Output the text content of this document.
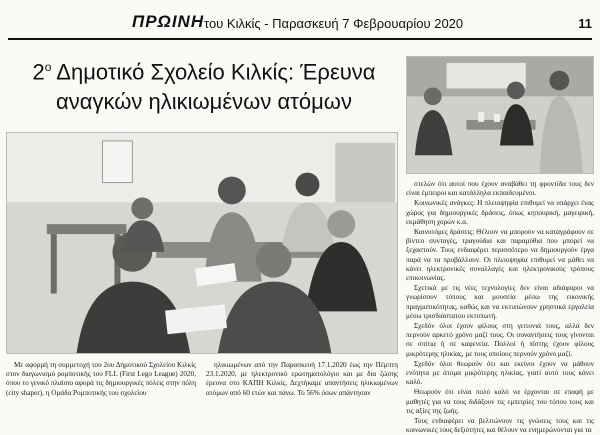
ΠΡΩΙΝΗ του Κιλκίς - Παρασκευή 7 Φεβρουαρίου 2020	11
$2^o$ Δημοτικό Σχολείο Κιλκίς: Έρευνα
αναγκών ηλικιωμένων ατόμων

Με αφορμή τη συμμετοχή του 2ου Δημοτικού Σχολείου Κιλκίς στον διαγωνισμό ρομποτικής του FLL (First Lego League) 2020, όπου το γενικό πλαίσιο αφορά τις δημιουργικές πόλεις στην πόλη (city shaper), η Ομάδα Ρομποτικής του σχολείου

ηλικιωμένων από την Παρασκευή 17.1.2020 έως την Πέμπτη 23.1.2020, με ηλεκτρονικό ερωτηματολόγιο και με δια ζώσης έρευνα στο ΚΑΠΗ Κιλκίς. Δεχτήκαμε απαντήσεις ηλικιωμένων ατόμων από 60 ετών και πάνω. Το 56% όσων απάντησαν

στελών ότι αυτοί που έχουν αναβάθει τη φροντίδα τους δεν είναι έμπειροι και κατάλληλα εκπαιδευμένοι.

Κοινωνικές ανάγκες: Η πλειοψηφία επιθυμεί να υπάρχει ένας χώρος για δημιουργικές δράσεις, όπως κηπουρική, μαγειρική, εκμάθηση χορών κ.α.

Καινοτόμες δράσεις: Θέλουν να μπορούν να καταγράφουν σε βίντεο συνταγές, τραγούδια και παραμύθια που μπορεί να ξεχαστούν. Τους ενδιαφέρει περισσότερο να δημιουργούν έργα παρά να τα προβάλλουν. Οι πλειοψηφία επιθυμεί να μάθει να κάνει ηλεκτρονικές συναλλαγές και ηλεκτρονικούς τρόπους επικοινωνίας.

Σχετικά με τις νέες τεχνολογίες δεν είναι αδιάφοροι να γνωρίσουν τόπους και μουσεία μέσω της εικονικής πραγματικότητας, καθώς και να εκτυπώνουν χρηστικά εργαλεία μέσω τρισδιάστατου εκτυπωτή.

Σχεδόν όλοι έχουν φίλους στη γειτονιά τους, αλλά δεν περνούν αρκετό χρόνο μαζί τους. Οι συναντήσεις τους γίνονται σε σπίτια ή σε καφενεία. Πολλοί ή πίστης έχουν φίλους μικρότερης ηλικίας, με τους οποίους περνούν χρόνο μαζί.

Σχεδόν όλοι θεωρούν ότι και εκείνοι έχουν να μάθουν ενότητα με άτομα μικρότερης ηλικίας, γιατί αυτό τους κάνει καλό.

Θεωρούν ότι είναι πολύ καλό να έρχονται σε επαφή με μαθητές για να τους διδάξουν τις εμπειρίες του τόπου τους και τις αξίες της ζωής.

Τους ενδιαφέρει να βελτιώνουν τις γνώσεις τους και τις κοινωνικές τους δεξιότητες και θέλουν να ενημερώνονται για τα
